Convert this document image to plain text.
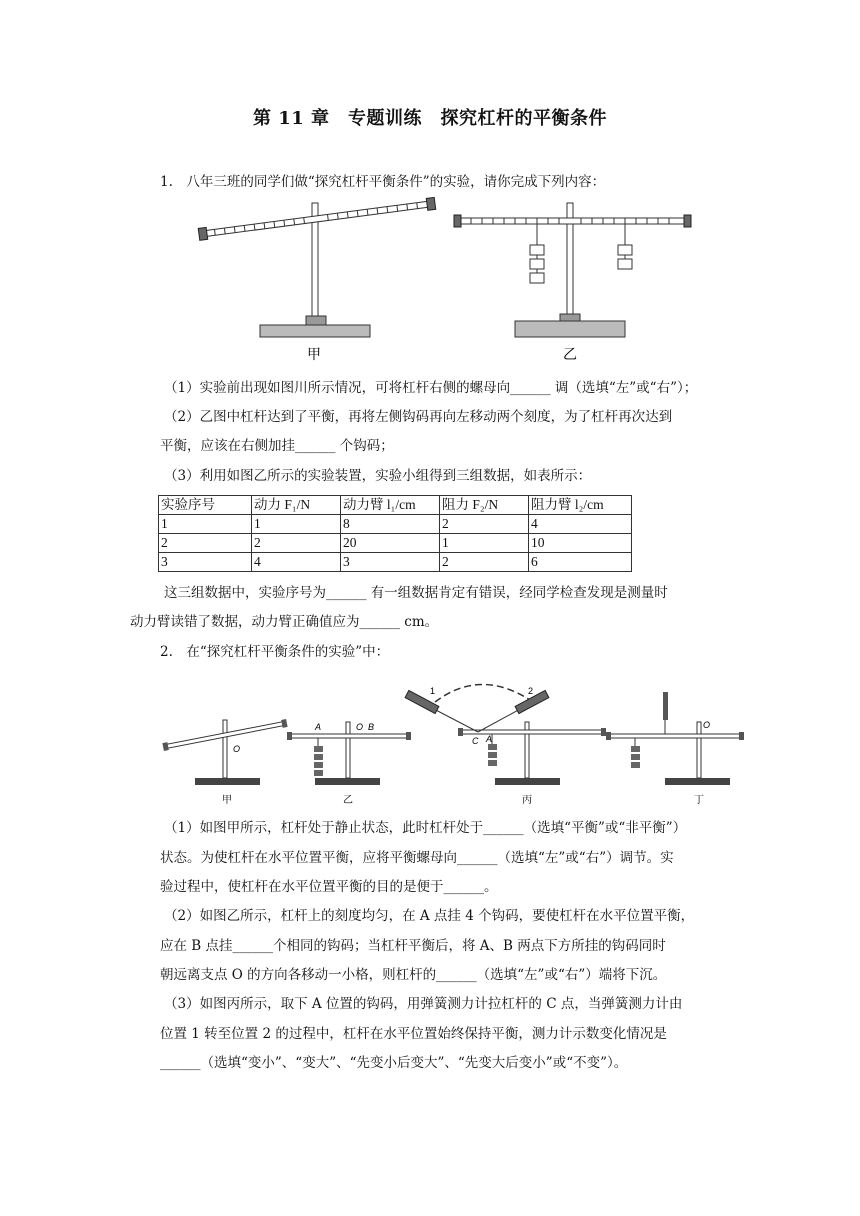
第 11 章　专题训练　探究杠杆的平衡条件
1.　八年三班的同学们做“探究杠杆平衡条件”的实验，请你完成下列内容：
甲	乙
（1）实验前出现如图川所示情况，可将杠杆右侧的螺母向______ 调（选填“左”或“右”）；
（2）乙图中杠杆达到了平衡，再将左侧钩码再向左移动两个刻度，为了杠杆再次达到
平衡，应该在右侧加挂______ 个钩码；
（3）利用如图乙所示的实验装置，实验小组得到三组数据，如表所示：
实验序号	动力 F₁/N	动力臂 l₁/cm	阻力 F₂/N	阻力臂 l₂/cm
1	1	8	2	4
2	2	20	1	10
3	4	3	2	6
这三组数据中，实验序号为______ 有一组数据肯定有错误，经同学检查发现是测量时
动力臂读错了数据，动力臂正确值应为______ cm。
2.　在“探究杠杆平衡条件的实验”中：
O
甲
A	O B
乙
1	2
C A
丙
O
丁
（1）如图甲所示，杠杆处于静止状态，此时杠杆处于______（选填“平衡”或“非平衡”）
状态。为使杠杆在水平位置平衡，应将平衡螺母向______（选填“左”或“右”）调节。实
验过程中，使杠杆在水平位置平衡的目的是便于______。
（2）如图乙所示，杠杆上的刻度均匀，在 A 点挂 4 个钩码，要使杠杆在水平位置平衡，
应在 B 点挂______个相同的钩码；当杠杆平衡后，将 A、B 两点下方所挂的钩码同时
朝远离支点 O 的方向各移动一小格，则杠杆的______（选填“左”或“右”）端将下沉。
（3）如图丙所示，取下 A 位置的钩码，用弹簧测力计拉杠杆的 C 点，当弹簧测力计由
位置 1 转至位置 2 的过程中，杠杆在水平位置始终保持平衡，测力计示数变化情况是
______（选填“变小”、“变大”、“先变小后变大”、“先变大后变小”或“不变”）。
